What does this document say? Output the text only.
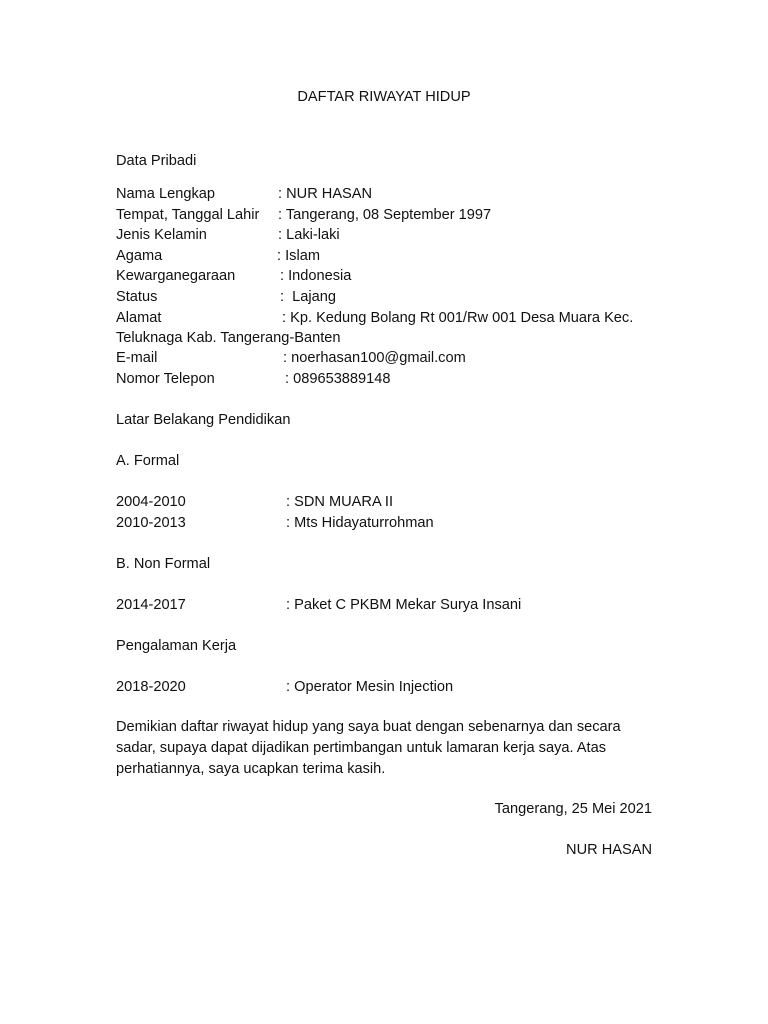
DAFTAR RIWAYAT HIDUP
Data Pribadi
Nama Lengkap	: NUR HASAN
Tempat, Tanggal Lahir : Tangerang, 08 September 1997
Jenis Kelamin	: Laki-laki
Agama	: Islam
Kewarganegaraan	: Indonesia
Status	:  Lajang
Alamat	: Kp. Kedung Bolang Rt 001/Rw 001 Desa Muara Kec.
Teluknaga Kab. Tangerang-Banten
E-mail	: noerhasan100@gmail.com
Nomor Telepon	: 089653889148
Latar Belakang Pendidikan
A. Formal
2004-2010	: SDN MUARA II
2010-2013	: Mts Hidayaturrohman
B. Non Formal
2014-2017	: Paket C PKBM Mekar Surya Insani
Pengalaman Kerja
2018-2020	: Operator Mesin Injection
Demikian daftar riwayat hidup yang saya buat dengan sebenarnya dan secara
sadar, supaya dapat dijadikan pertimbangan untuk lamaran kerja saya. Atas
perhatiannya, saya ucapkan terima kasih.
Tangerang, 25 Mei 2021
NUR HASAN
